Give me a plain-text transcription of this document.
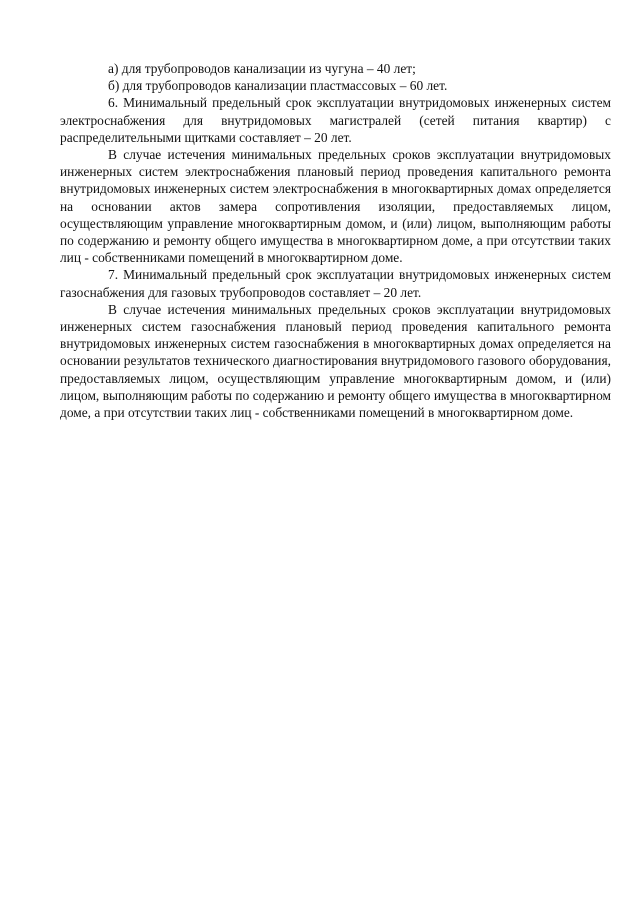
а) для трубопроводов канализации из чугуна – 40 лет;

б) для трубопроводов канализации пластмассовых – 60 лет.

6. Минимальный предельный срок эксплуатации внутридомовых инженерных систем электроснабжения для внутридомовых магистралей (сетей питания квартир) с распределительными щитками составляет – 20 лет.

В случае истечения минимальных предельных сроков эксплуатации внутридомовых инженерных систем электроснабжения плановый период проведения капитального ремонта внутридомовых инженерных систем электроснабжения в многоквартирных домах определяется на основании актов замера сопротивления изоляции, предоставляемых лицом, осуществляющим управление многоквартирным домом, и (или) лицом, выполняющим работы по содержанию и ремонту общего имущества в многоквартирном доме, а при отсутствии таких лиц - собственниками помещений в многоквартирном доме.

7. Минимальный предельный срок эксплуатации внутридомовых инженерных систем газоснабжения для газовых трубопроводов составляет – 20 лет.

В случае истечения минимальных предельных сроков эксплуатации внутридомовых инженерных систем газоснабжения плановый период проведения капитального ремонта внутридомовых инженерных систем газоснабжения в многоквартирных домах определяется на основании результатов технического диагностирования внутридомового газового оборудования, предоставляемых лицом, осуществляющим управление многоквартирным домом, и (или) лицом, выполняющим работы по содержанию и ремонту общего имущества в многоквартирном доме, а при отсутствии таких лиц - собственниками помещений в многоквартирном доме.
